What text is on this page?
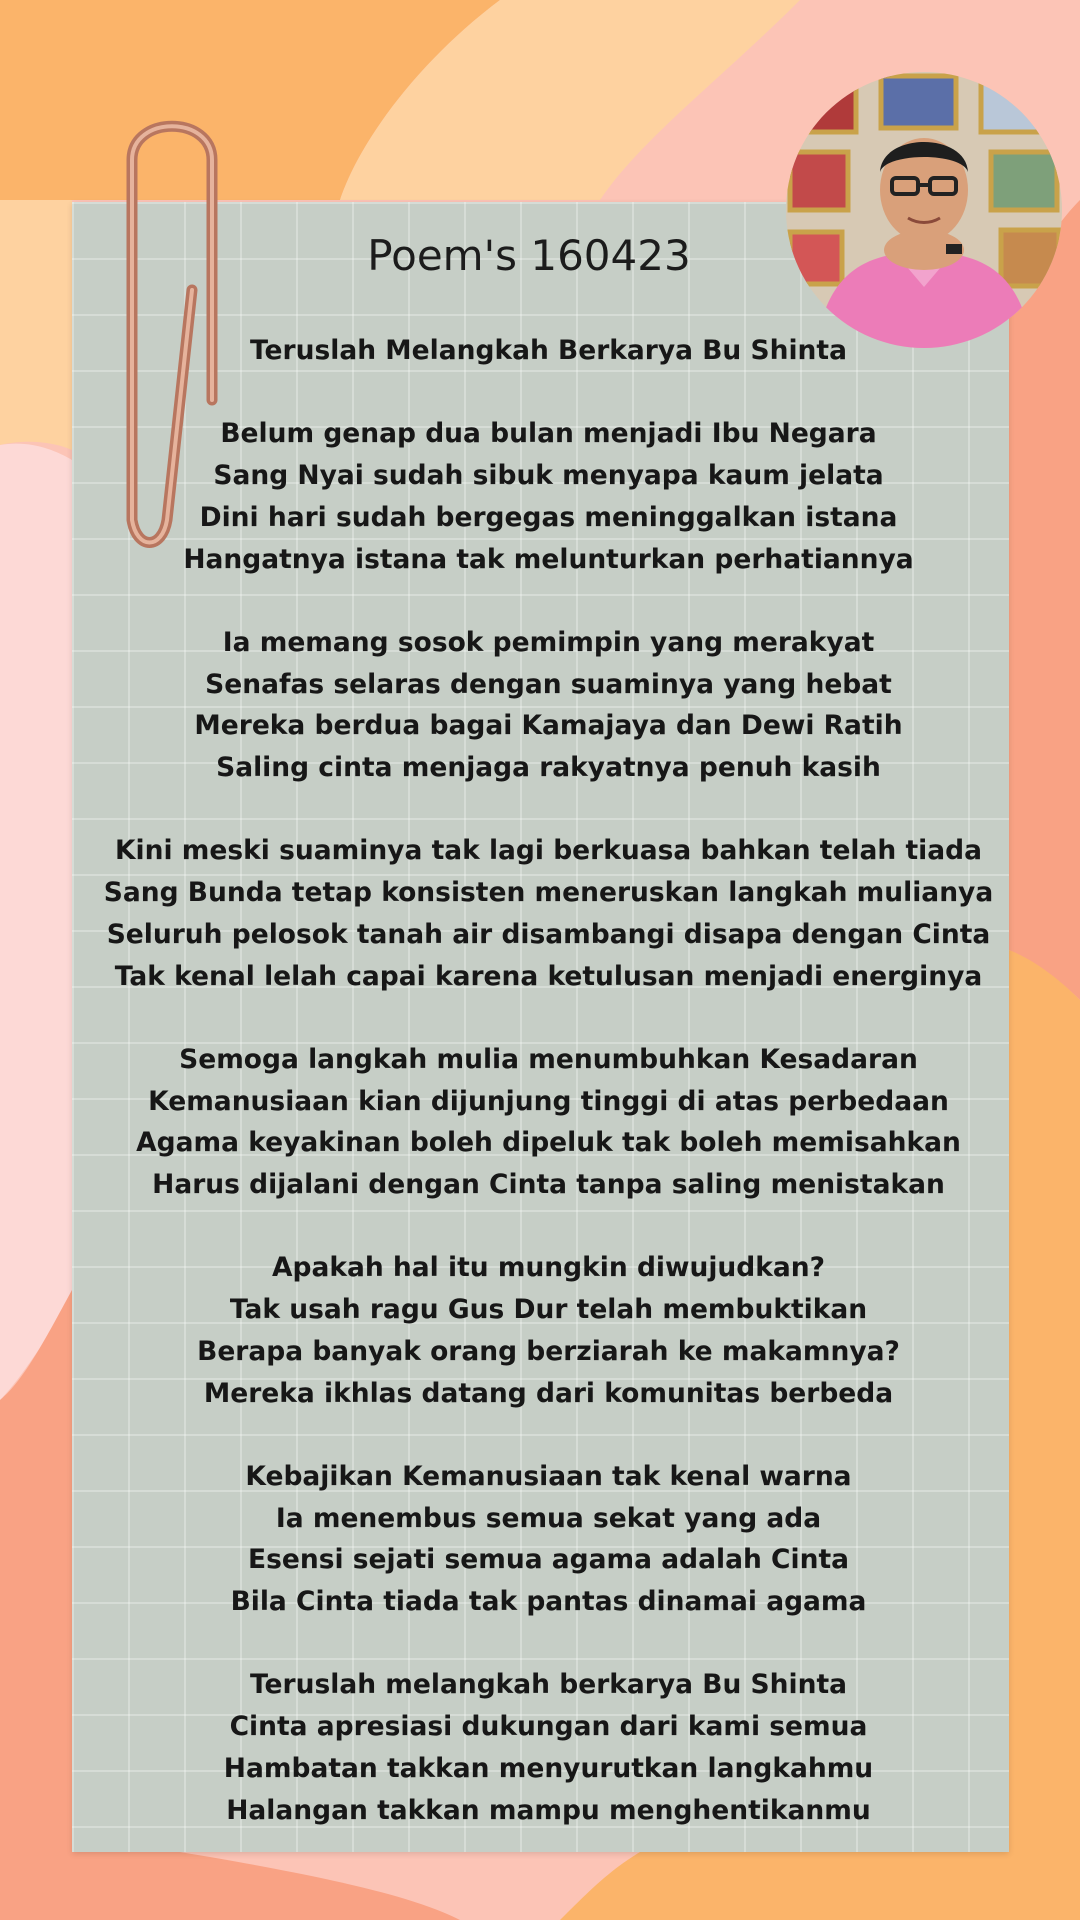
Poem's 160423
Teruslah Melangkah Berkarya Bu Shinta
Belum genap dua bulan menjadi Ibu Negara
Sang Nyai sudah sibuk menyapa kaum jelata
Dini hari sudah bergegas meninggalkan istana
Hangatnya istana tak melunturkan perhatiannya
Ia memang sosok pemimpin yang merakyat
Senafas selaras dengan suaminya yang hebat
Mereka berdua bagai Kamajaya dan Dewi Ratih
Saling cinta menjaga rakyatnya penuh kasih
Kini meski suaminya tak lagi berkuasa bahkan telah tiada
Sang Bunda tetap konsisten meneruskan langkah mulianya
Seluruh pelosok tanah air disambangi disapa dengan Cinta
Tak kenal lelah capai karena ketulusan menjadi energinya
Semoga langkah mulia menumbuhkan Kesadaran
Kemanusiaan kian dijunjung tinggi di atas perbedaan
Agama keyakinan boleh dipeluk tak boleh memisahkan
Harus dijalani dengan Cinta tanpa saling menistakan
Apakah hal itu mungkin diwujudkan?
Tak usah ragu Gus Dur telah membuktikan
Berapa banyak orang berziarah ke makamnya?
Mereka ikhlas datang dari komunitas berbeda
Kebajikan Kemanusiaan tak kenal warna
Ia menembus semua sekat yang ada
Esensi sejati semua agama adalah Cinta
Bila Cinta tiada tak pantas dinamai agama
Teruslah melangkah berkarya Bu Shinta
Cinta apresiasi dukungan dari kami semua
Hambatan takkan menyurutkan langkahmu
Halangan takkan mampu menghentikanmu
